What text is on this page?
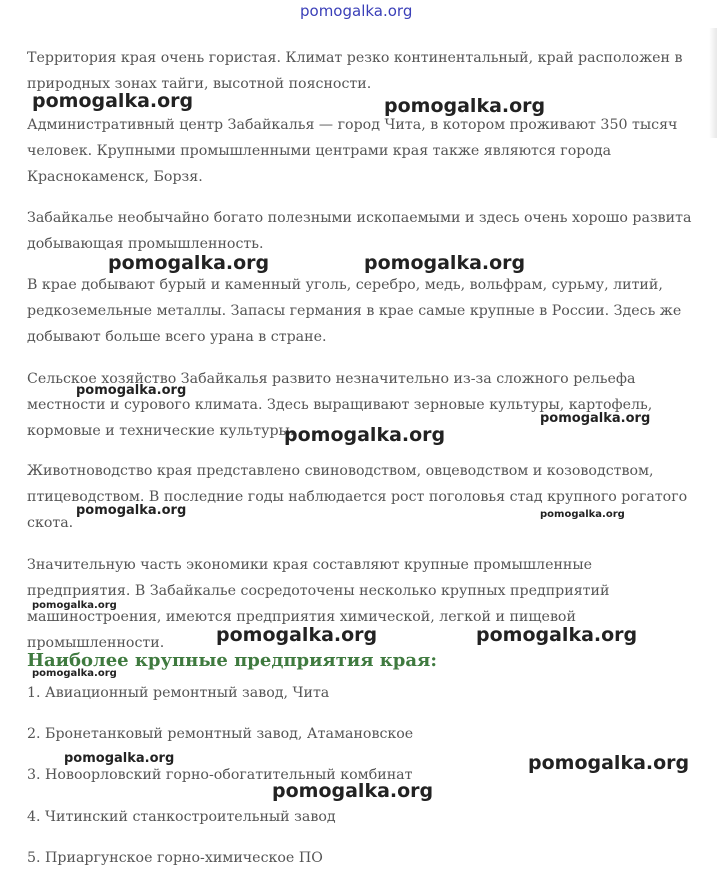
Территория края очень гористая. Климат резко континентальный, край расположен в природных зонах тайги, высотной поясности.

Административный центр Забайкалья — город Чита, в котором проживают 350 тысяч человек. Крупными промышленными центрами края также являются города Краснокаменск, Борзя.

Забайкалье необычайно богато полезными ископаемыми и здесь очень хорошо развита добывающая промышленность.

В крае добывают бурый и каменный уголь, серебро, медь, вольфрам, сурьму, литий, редкоземельные металлы. Запасы германия в крае самые крупные в России. Здесь же добывают больше всего урана в стране.

Сельское хозяйство Забайкалья развито незначительно из-за сложного рельефа местности и сурового климата. Здесь выращивают зерновые культуры, картофель, кормовые и технические культуры.

Животноводство края представлено свиноводством, овцеводством и козоводством, птицеводством. В последние годы наблюдается рост поголовья стад крупного рогатого скота.

Значительную часть экономики края составляют крупные промышленные предприятия. В Забайкалье сосредоточены несколько крупных предприятий машиностроения, имеются предприятия химической, легкой и пищевой промышленности.

Наиболее крупные предприятия края:

1. Авиационный ремонтный завод, Чита

2. Бронетанковый ремонтный завод, Атамановское

3. Новоорловский горно-обогатительный комбинат

4. Читинский станкостроительный завод

5. Приаргунское горно-химическое ПО

pomogalka.org
pomogalka.org	pomogalka.org
pomogalka.org	pomogalka.org
pomogalka.org
pomogalka.org
pomogalka.org
pomogalka.org	pomogalka.org
pomogalka.org
pomogalka.org	pomogalka.org
pomogalka.org
pomogalka.org	pomogalka.org
pomogalka.org
